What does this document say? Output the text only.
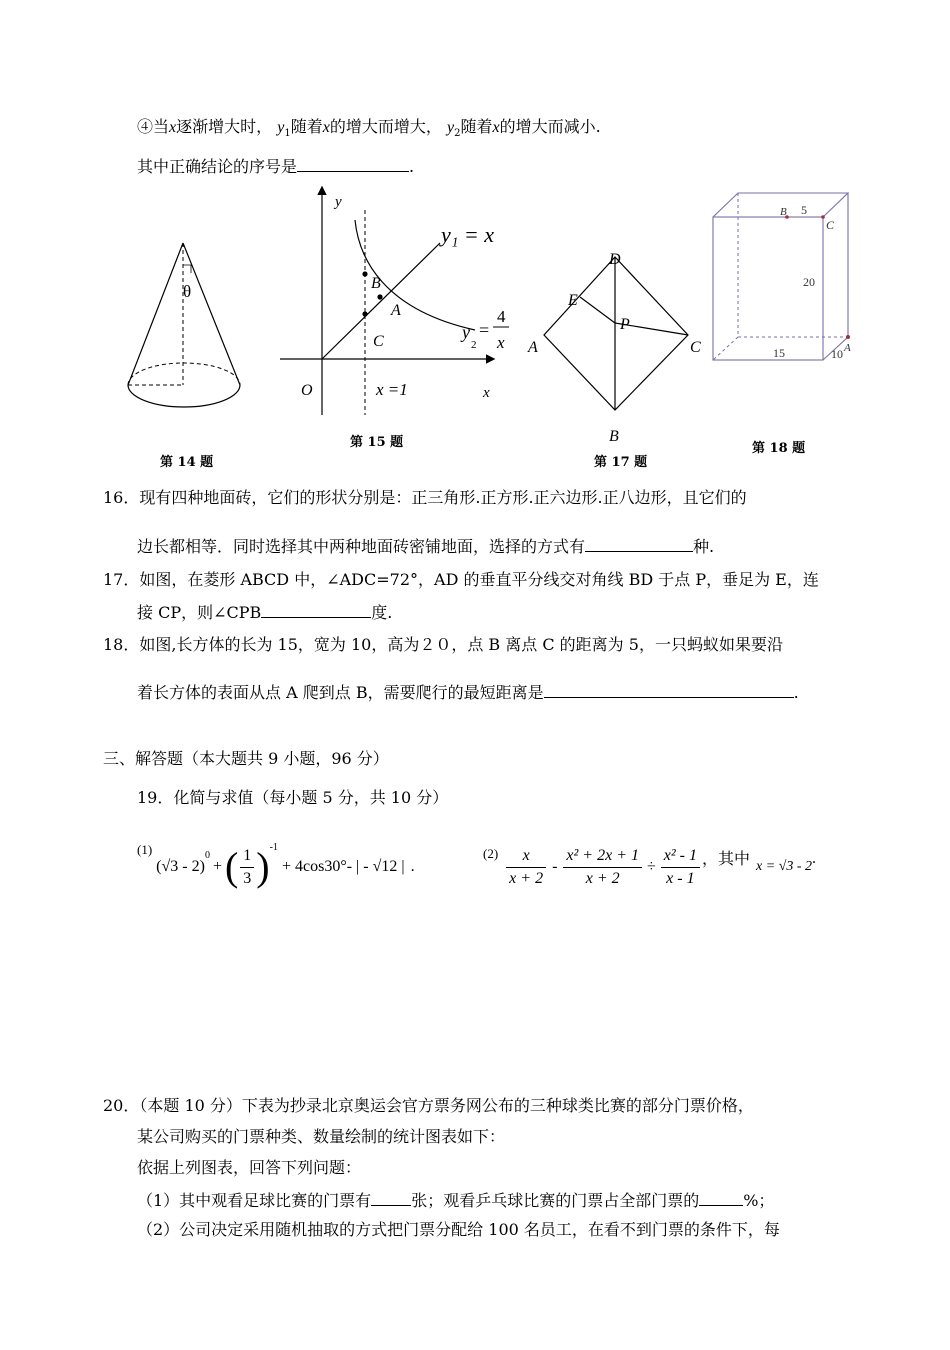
④当x逐渐增大时， $y_1$随着x的增大而增大， $y_2$随着x的增大而减小.
其中正确结论的序号是	.
θ
第 14 题
y
x
O
B
A
C
y₁ = x
y
2
=
4
x
x =1
第 15 题
D
E
P
A	C
B
第 17 题
B 5
C
20
15	10 A
第 18 题
16．现有四种地面砖，它们的形状分别是：正三角形.正方形.正六边形.正八边形，且它们的
边长都相等．同时选择其中两种地面砖密铺地面，选择的方式有	种.
17．如图，在菱形 ABCD 中，∠ADC=72°，AD 的垂直平分线交对角线 BD 于点 P，垂足为 E，连
接 CP，则∠CPB	度.
18．如图,长方体的长为 15，宽为 10，高为２０，点 B 离点 C 的距离为 5，一只蚂蚁如果要沿
着长方体的表面从点 A 爬到点 B，需要爬行的最短距离是	.
三、解答题（本大题共 9 小题，96 分）
19．化简与求值（每小题 5 分，共 10 分）
(1)
(√3 - 2)
$^0$
+ ( $\frac{1}{3} )^{-1}$
+ 4cos30°- | - √12 | .
$(2) \frac{x}{x + 2} - \frac{\text{x² + 2x + 1}}{x + 2} \div \frac{\text{x² - 1}}{x - 1}$ ，其中 x = √3 - 2 .
20．（本题 10 分）下表为抄录北京奥运会官方票务网公布的三种球类比赛的部分门票价格，
某公司购买的门票种类、数量绘制的统计图表如下：
依据上列图表，回答下列问题：
（1）其中观看足球比赛的门票有	张；观看乒乓球比赛的门票占全部门票的	%；
（2）公司决定采用随机抽取的方式把门票分配给 100 名员工，在看不到门票的条件下，每
